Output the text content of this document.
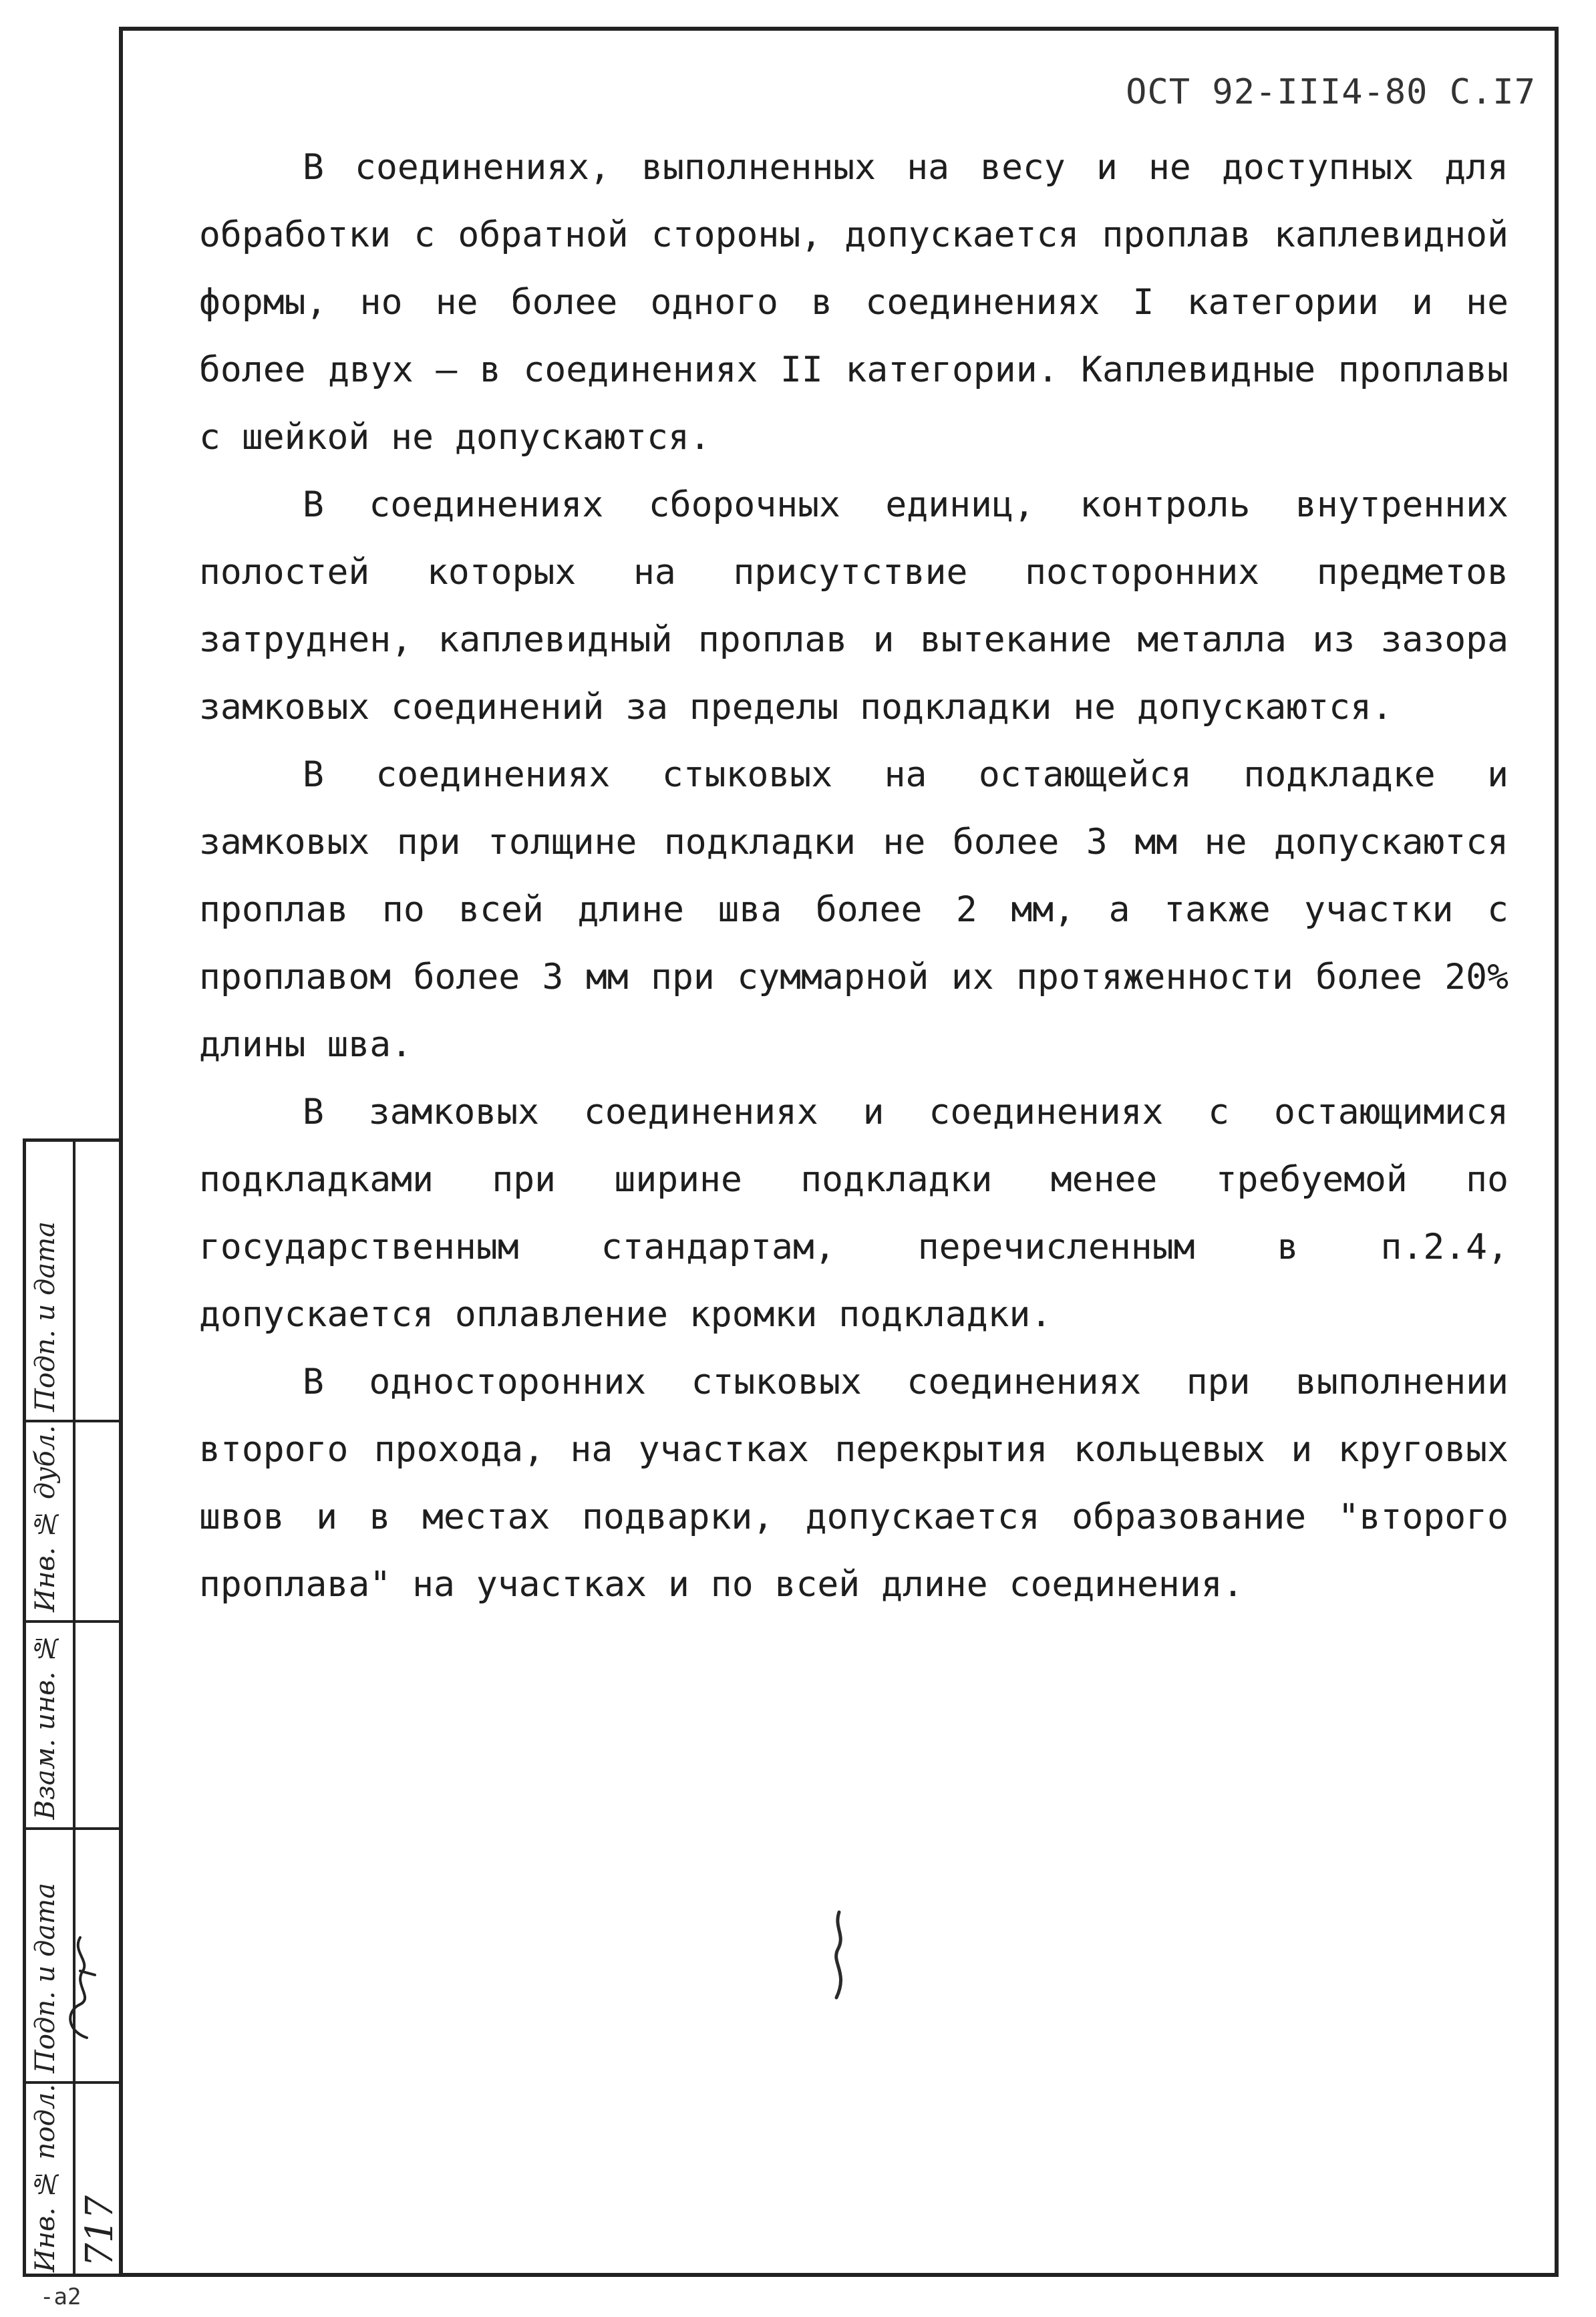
ОСТ 92-III4-80 С.I7

В соединениях, выполненных на весу и не доступных для обработки с обратной стороны, допускается проплав каплевидной формы, но не более одного в соединениях I категории и не более двух – в соединениях II категории. Каплевидные проплавы с шейкой не допускаются.

В соединениях сборочных единиц, контроль внутренних полостей которых на присутствие посторонних предметов затруднен, каплевидный проплав и вытекание металла из зазора замковых соединений за пределы подкладки не допускаются.

В соединениях стыковых на остающейся подкладке и замковых при толщине подкладки не более 3 мм не допускаются проплав по всей длине шва более 2 мм, а также участки с проплавом более 3 мм при суммарной их протяженности более 20% длины шва.

В замковых соединениях и соединениях с остающимися подкладками при ширине подкладки менее требуемой по государственным стандартам, перечисленным в п.2.4, допускается оплавление кромки подкладки.

В односторонних стыковых соединениях при выполнении второго прохода, на участках перекрытия кольцевых и круговых швов и в местах подварки, допускается образование "второго проплава" на участках и по всей длине соединения.

Подп. и дата
Инв. № дубл.
Взам. инв. №
Подп. и дата
Инв. № подл. 717
-а2
